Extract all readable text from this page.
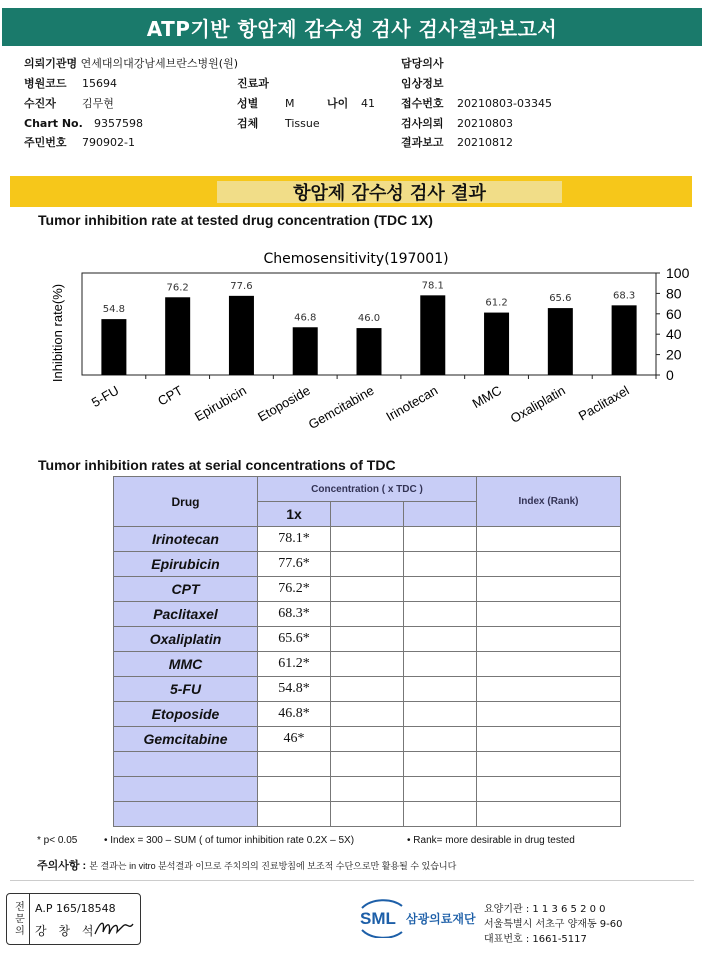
ATP기반 항암제 감수성 검사 검사결과보고서
의뢰기관명 연세대의대강남세브란스병원(원)
병원코드 15694
수진자 김무현
Chart No. 9357598
주민번호 790902-1
진료과
성별 M	나이 41
검체 Tissue
담당의사
임상정보
접수번호 20210803-03345
검사의뢰 20210803
결과보고 20210812
항암제 감수성 검사 결과
Tumor inhibition rate at tested drug concentration (TDC 1X)
Chemosensitivity(197001)
Inhibition rate(%)	0
20
40
60
80
100
54.8
5-FU
76.2
CPT
77.6
Epirubicin
46.8
Etoposide
46.0
Gemcitabine
78.1
Irinotecan
61.2
MMC
65.6
Oxaliplatin
68.3
Paclitaxel
Tumor inhibition rates at serial concentrations of TDC
Drug	Concentration ( x TDC )			Index (Rank)
	1x			
Irinotecan	78.1*			
Epirubicin	77.6*			
CPT	76.2*			
Paclitaxel	68.3*			
Oxaliplatin	65.6*			
MMC	61.2*			
5-FU	54.8*			
Etoposide	46.8*			
Gemcitabine	46*			

* p< 0.05	• Index = 300 – SUM ( of tumor inhibition rate 0.2X – 5X)	• Rank= more desirable in drug tested
주의사항 : 본 결과는 in vitro 분석결과 이므로 주치의의 진료방침에 보조적 수단으로만 활용될 수 있습니다
전문의	A.P 165/18548
강 창 석
SML 삼광의료재단
요양기관 : 1 1 3 6 5 2 0 0
서울특별시 서초구 양재동 9-60
대표번호 : 1661-5117
